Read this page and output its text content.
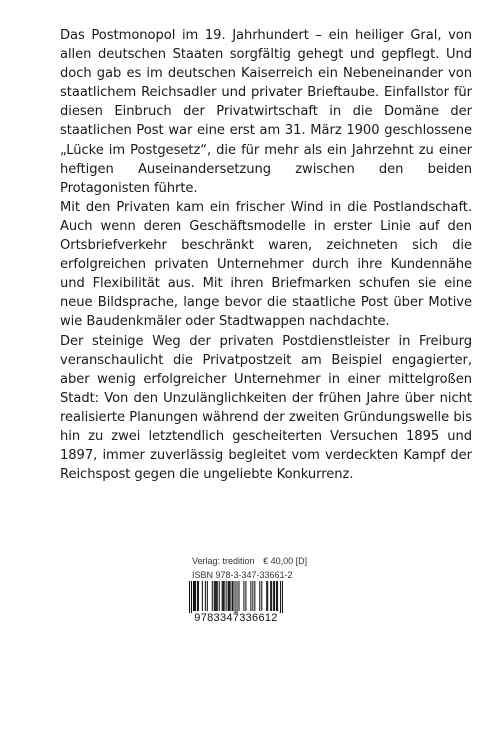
Das Postmonopol im 19. Jahrhundert – ein heiliger Gral, von allen deutschen Staaten sorgfältig gehegt und gepflegt. Und doch gab es im deutschen Kaiserreich ein Nebeneinander von staatlichem Reichsadler und privater Brieftaube. Einfallstor für diesen Einbruch der Privatwirtschaft in die Domäne der staatlichen Post war eine erst am 31. März 1900 geschlossene „Lücke im Postgesetz“, die für mehr als ein Jahrzehnt zu einer heftigen Auseinandersetzung zwischen den beiden Protagonisten führte.

Mit den Privaten kam ein frischer Wind in die Postlandschaft. Auch wenn deren Geschäftsmodelle in erster Linie auf den Ortsbriefverkehr beschränkt waren, zeichneten sich die erfolgreichen privaten Unternehmer durch ihre Kundennähe und Flexibilität aus. Mit ihren Briefmarken schufen sie eine neue Bildsprache, lange bevor die staatliche Post über Motive wie Baudenkmäler oder Stadtwappen nachdachte.

Der steinige Weg der privaten Postdienstleister in Freiburg veranschaulicht die Privatpostzeit am Beispiel engagierter, aber wenig erfolgreicher Unternehmer in einer mittelgroßen Stadt: Von den Unzulänglichkeiten der frühen Jahre über nicht realisierte Planungen während der zweiten Gründungswelle bis hin zu zwei letztendlich gescheiterten Versuchen 1895 und 1897, immer zuverlässig begleitet vom verdeckten Kampf der Reichspost gegen die ungeliebte Konkurrenz.

Verlag: tredition € 40,00 [D]
ISBN 978-3-347-33661-2
9783347336612
